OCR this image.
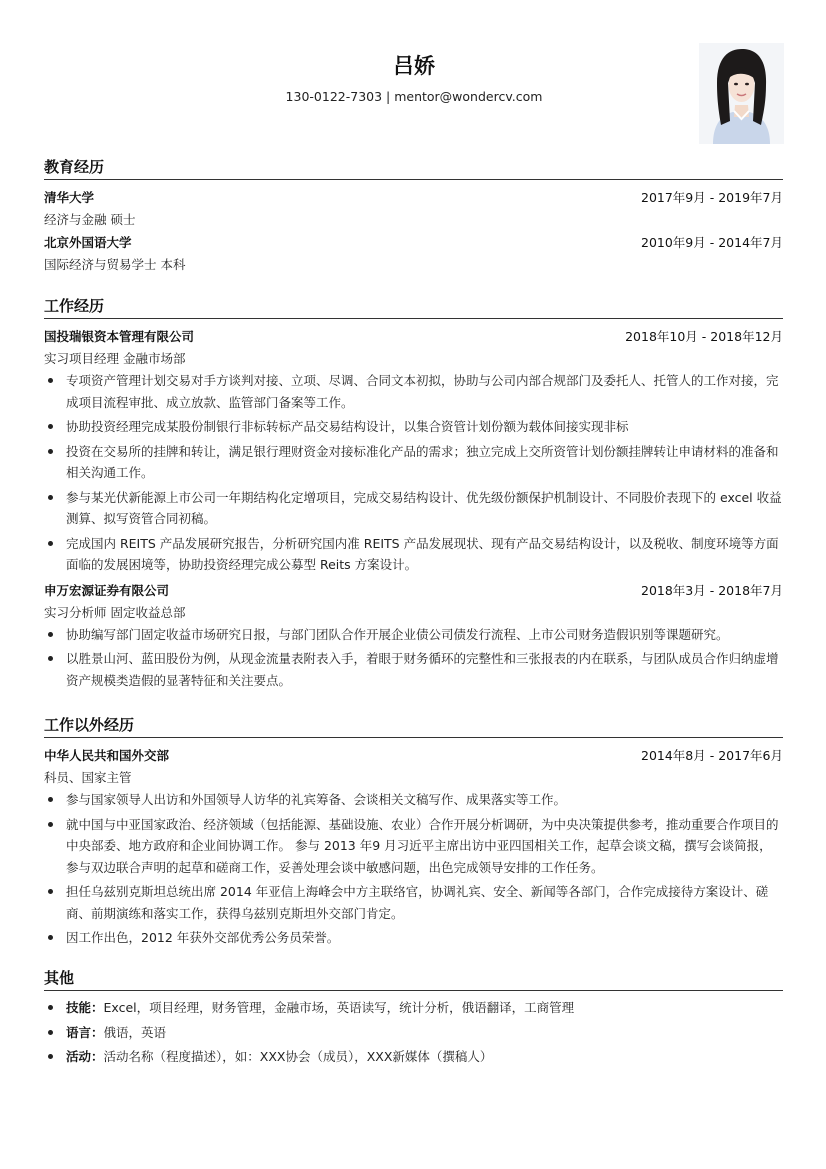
吕娇
130-0122-7303 | mentor@wondercv.com
教育经历
清华大学	2017年9月 - 2019年7月
经济与金融 硕士
北京外国语大学	2010年9月 - 2014年7月
国际经济与贸易学士 本科
工作经历
国投瑞银资本管理有限公司	2018年10月 - 2018年12月
实习项目经理 金融市场部
专项资产管理计划交易对手方谈判对接、立项、尽调、合同文本初拟，协助与公司内部合规部门及委托人、托管人的工作对接，完成项目流程审批、成立放款、监管部门备案等工作。
协助投资经理完成某股份制银行非标转标产品交易结构设计，以集合资管计划份额为载体间接实现非标
投资在交易所的挂牌和转让，满足银行理财资金对接标准化产品的需求；独立完成上交所资管计划份额挂牌转让申请材料的准备和相关沟通工作。
参与某光伏新能源上市公司一年期结构化定增项目，完成交易结构设计、优先级份额保护机制设计、不同股价表现下的 excel 收益测算、拟写资管合同初稿。
完成国内 REITS 产品发展研究报告，分析研究国内准 REITS 产品发展现状、现有产品交易结构设计，以及税收、制度环境等方面面临的发展困境等，协助投资经理完成公募型 Reits 方案设计。
申万宏源证券有限公司	2018年3月 - 2018年7月
实习分析师 固定收益总部
协助编写部门固定收益市场研究日报，与部门团队合作开展企业债公司债发行流程、上市公司财务造假识别等课题研究。
以胜景山河、蓝田股份为例，从现金流量表附表入手，着眼于财务循环的完整性和三张报表的内在联系，与团队成员合作归纳虚增资产规模类造假的显著特征和关注要点。
工作以外经历
中华人民共和国外交部	2014年8月 - 2017年6月
科员、国家主管
参与国家领导人出访和外国领导人访华的礼宾筹备、会谈相关文稿写作、成果落实等工作。
就中国与中亚国家政治、经济领域（包括能源、基础设施、农业）合作开展分析调研，为中央决策提供参考，推动重要合作项目的中央部委、地方政府和企业间协调工作。 参与 2013 年9 月习近平主席出访中亚四国相关工作，起草会谈文稿，撰写会谈简报，参与双边联合声明的起草和磋商工作，妥善处理会谈中敏感问题，出色完成领导安排的工作任务。
担任乌兹别克斯坦总统出席 2014 年亚信上海峰会中方主联络官，协调礼宾、安全、新闻等各部门，合作完成接待方案设计、磋商、前期演练和落实工作，获得乌兹别克斯坦外交部门肯定。
因工作出色，2012 年获外交部优秀公务员荣誉。
其他
技能：Excel，项目经理，财务管理，金融市场，英语读写，统计分析，俄语翻译，工商管理
语言：俄语，英语
活动：活动名称（程度描述），如：XXX协会（成员），XXX新媒体（撰稿人）
